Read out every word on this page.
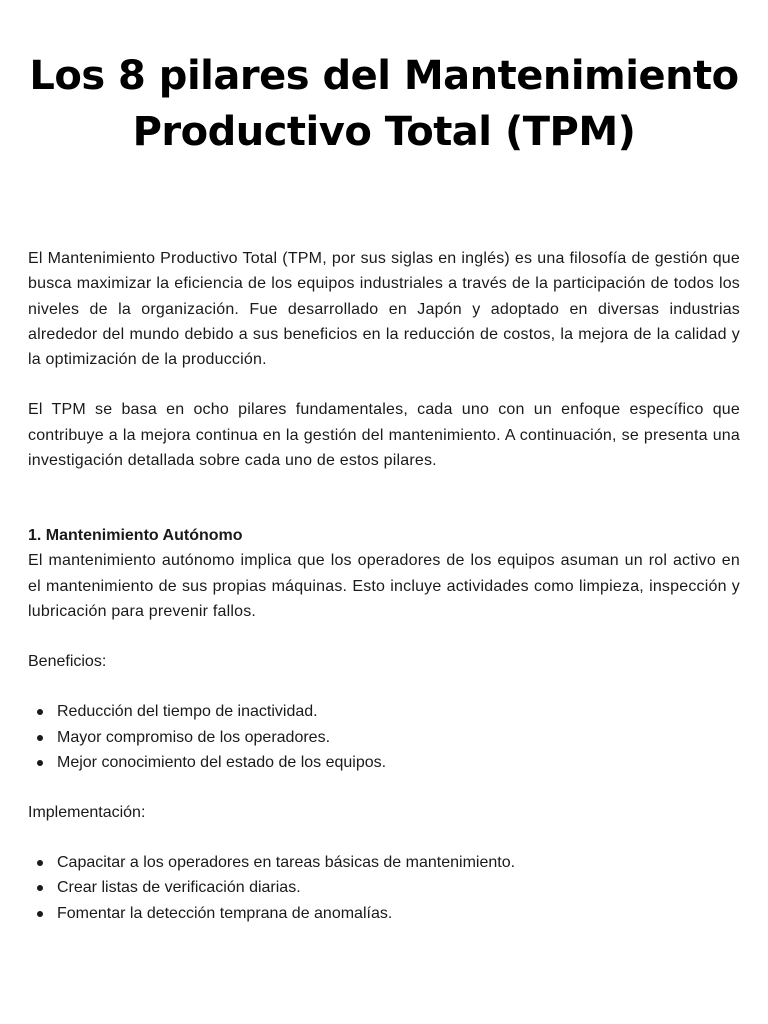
Los 8 pilares del Mantenimiento
Productivo Total (TPM)

El Mantenimiento Productivo Total (TPM, por sus siglas en inglés) es una filosofía de gestión que busca maximizar la eficiencia de los equipos industriales a través de la participación de todos los niveles de la organización. Fue desarrollado en Japón y adoptado en diversas industrias alrededor del mundo debido a sus beneficios en la reducción de costos, la mejora de la calidad y la optimización de la producción.

El TPM se basa en ocho pilares fundamentales, cada uno con un enfoque específico que contribuye a la mejora continua en la gestión del mantenimiento. A continuación, se presenta una investigación detallada sobre cada uno de estos pilares.

1. Mantenimiento Autónomo

El mantenimiento autónomo implica que los operadores de los equipos asuman un rol activo en el mantenimiento de sus propias máquinas. Esto incluye actividades como limpieza, inspección y lubricación para prevenir fallos.

Beneficios:

Reducción del tiempo de inactividad.
Mayor compromiso de los operadores.
Mejor conocimiento del estado de los equipos.

Implementación:

Capacitar a los operadores en tareas básicas de mantenimiento.
Crear listas de verificación diarias.
Fomentar la detección temprana de anomalías.
